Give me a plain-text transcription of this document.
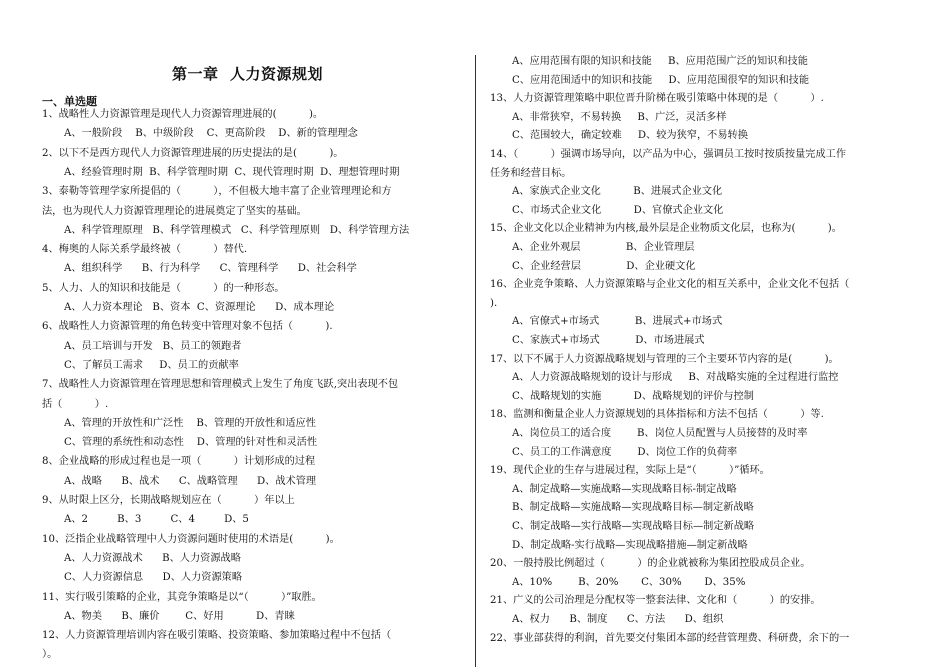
第一章  人力资源规划
一、单选题
1、战略性人力资源管理是现代人力资源管理进展的(          )。
A、一般阶段    B、中级阶段    C、更高阶段    D、新的管理理念
2、以下不是西方现代人力资源管理进展的历史提法的是(          )。
A、经验管理时期  B、科学管理时期  C、现代管理时期  D、理想管理时期
3、泰勒等管理学家所提倡的（          ），不但极大地丰富了企业管理理论和方
法，也为现代人力资源管理理论的进展奠定了坚实的基础。
A、科学管理原理   B、科学管理模式   C、科学管理原则   D、科学管理方法
4、梅奥的人际关系学最终被（          ）替代.
A、组织科学      B、行为科学      C、管理科学      D、社会科学
5、人力、人的知识和技能是（          ）的一种形态。
A、人力资本理论   B、资本  C、资源理论      D、成本理论
6、战略性人力资源管理的角色转变中管理对象不包括（          ).
A、员工培训与开发   B、员工的领跑者
C、了解员工需求     D、员工的贡献率
7、战略性人力资源管理在管理思想和管理模式上发生了角度飞跃,突出表现不包
括（          ）.
A、管理的开放性和广泛性    B、管理的开放性和适应性
C、管理的系统性和动态性    D、管理的针对性和灵活性
8、企业战略的形成过程也是一项（          ）计划形成的过程
A、战略      B、战术      C、战略管理      D、战术管理
9、从时限上区分，长期战略规划应在（          ）年以上
A、2         B、3         C、4         D、5
10、泛指企业战略管理中人力资源问题时使用的术语是(          )。
A、人力资源战术      B、人力资源战略
C、人力资源信息      D、人力资源策略
11、实行吸引策略的企业，其竞争策略是以“（          ）”取胜。
A、物美      B、廉价        C、好用          D、青睐
12、人力资源管理培训内容在吸引策略、投资策略、参加策略过程中不包括（
）。
A、应用范围有限的知识和技能     B、应用范围广泛的知识和技能
C、应用范围适中的知识和技能     D、应用范围很窄的知识和技能
13、人力资源管理策略中职位晋升阶梯在吸引策略中体现的是（          ）.
A、非常狭窄，不易转换     B、广泛，灵活多样
C、范围较大，确定较难     D、较为狭窄，不易转换
14、（          ）强调市场导向，以产品为中心，强调员工按时按质按量完成工作
任务和经营目标。
A、家族式企业文化          B、进展式企业文化
C、市场式企业文化          D、官僚式企业文化
15、企业文化以企业精神为内核,最外层是企业物质文化层，也称为(          )。
A、企业外观层              B、企业管理层
C、企业经营层              D、企业硬文化
16、企业竞争策略、人力资源策略与企业文化的相互关系中，企业文化不包括（
).
A、官僚式+市场式           B、进展式+市场式
C、家族式+市场式           D、市场进展式
17、以下不属于人力资源战略规划与管理的三个主要环节内容的是(          )。
A、人力资源战略规划的设计与形成     B、对战略实施的全过程进行监控
C、战略规划的实施          D、战略规划的评价与控制
18、监测和衡量企业人力资源规划的具体指标和方法不包括（          ）等.
A、岗位员工的适合度        B、岗位人员配置与人员接替的及时率
C、员工的工作满意度        D、岗位工作的负荷率
19、现代企业的生存与进展过程，实际上是“（          ）”循环。
A、制定战略—实施战略—实现战略目标-制定战略
B、制定战略—实施战略—实现战略目标—制定新战略
C、制定战略—实行战略—实现战略目标—制定新战略
D、制定战略-实行战略—实现战略措施—制定新战略
20、一般持股比例超过（          ）的企业就被称为集团控股成员企业。
A、10%        B、20%       C、30%       D、35%
21、广义的公司治理是分配权等一整套法律、文化和（          ）的安排。
A、权力      B、制度      C、方法      D、组织
22、事业部获得的利润，首先要交付集团本部的经营管理费、科研费，余下的一
